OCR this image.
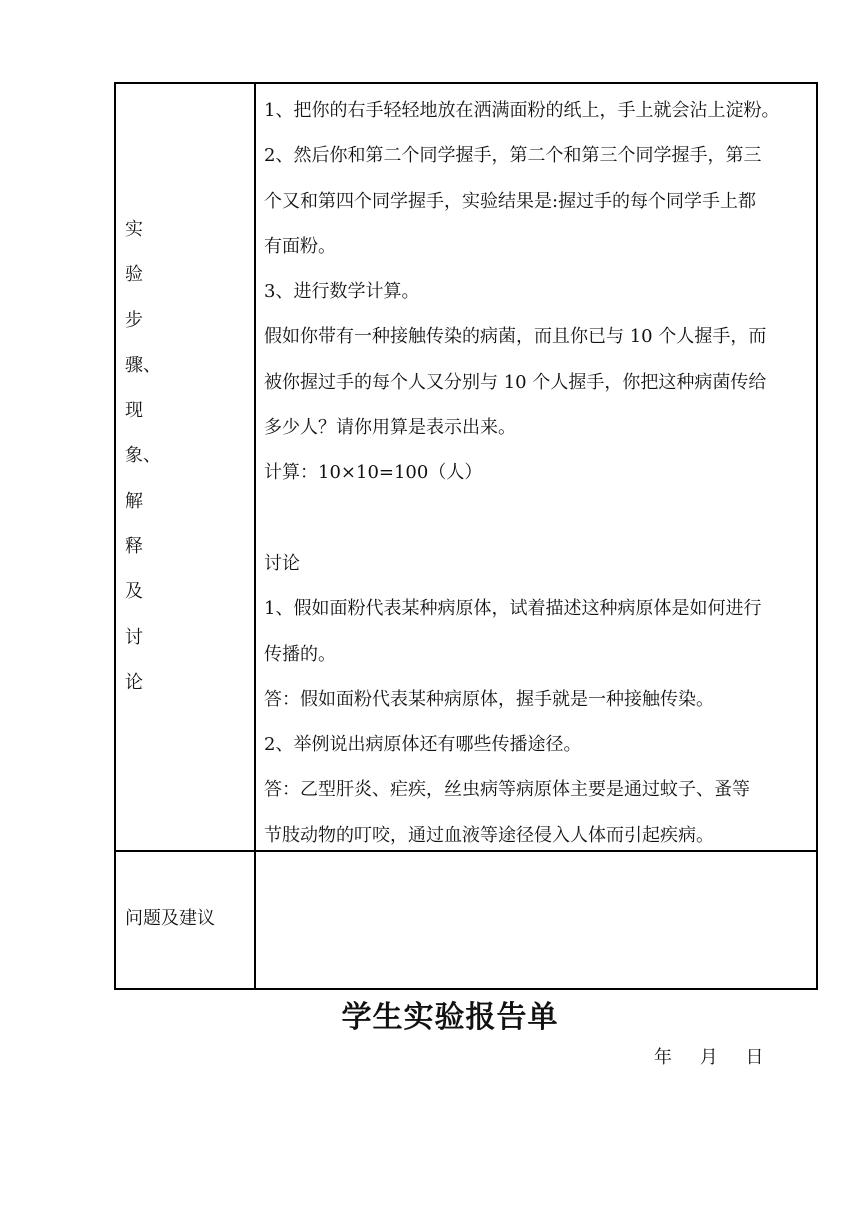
实
验
步
骤、
现
象、
解
释
及
讨
论

1、把你的右手轻轻地放在洒满面粉的纸上，手上就会沾上淀粉。

2、然后你和第二个同学握手，第二个和第三个同学握手，第三

个又和第四个同学握手，实验结果是:握过手的每个同学手上都

有面粉。

3、进行数学计算。

假如你带有一种接触传染的病菌，而且你已与 10 个人握手，而

被你握过手的每个人又分别与 10 个人握手，你把这种病菌传给

多少人？请你用算是表示出来。

计算：10×10=100（人）

讨论

1、假如面粉代表某种病原体，试着描述这种病原体是如何进行

传播的。

答：假如面粉代表某种病原体，握手就是一种接触传染。

2、举例说出病原体还有哪些传播途径。

答：乙型肝炎、疟疾，丝虫病等病原体主要是通过蚊子、蚤等

节肢动物的叮咬，通过血液等途径侵入人体而引起疾病。

问题及建议
学生实验报告单
年 月 日
